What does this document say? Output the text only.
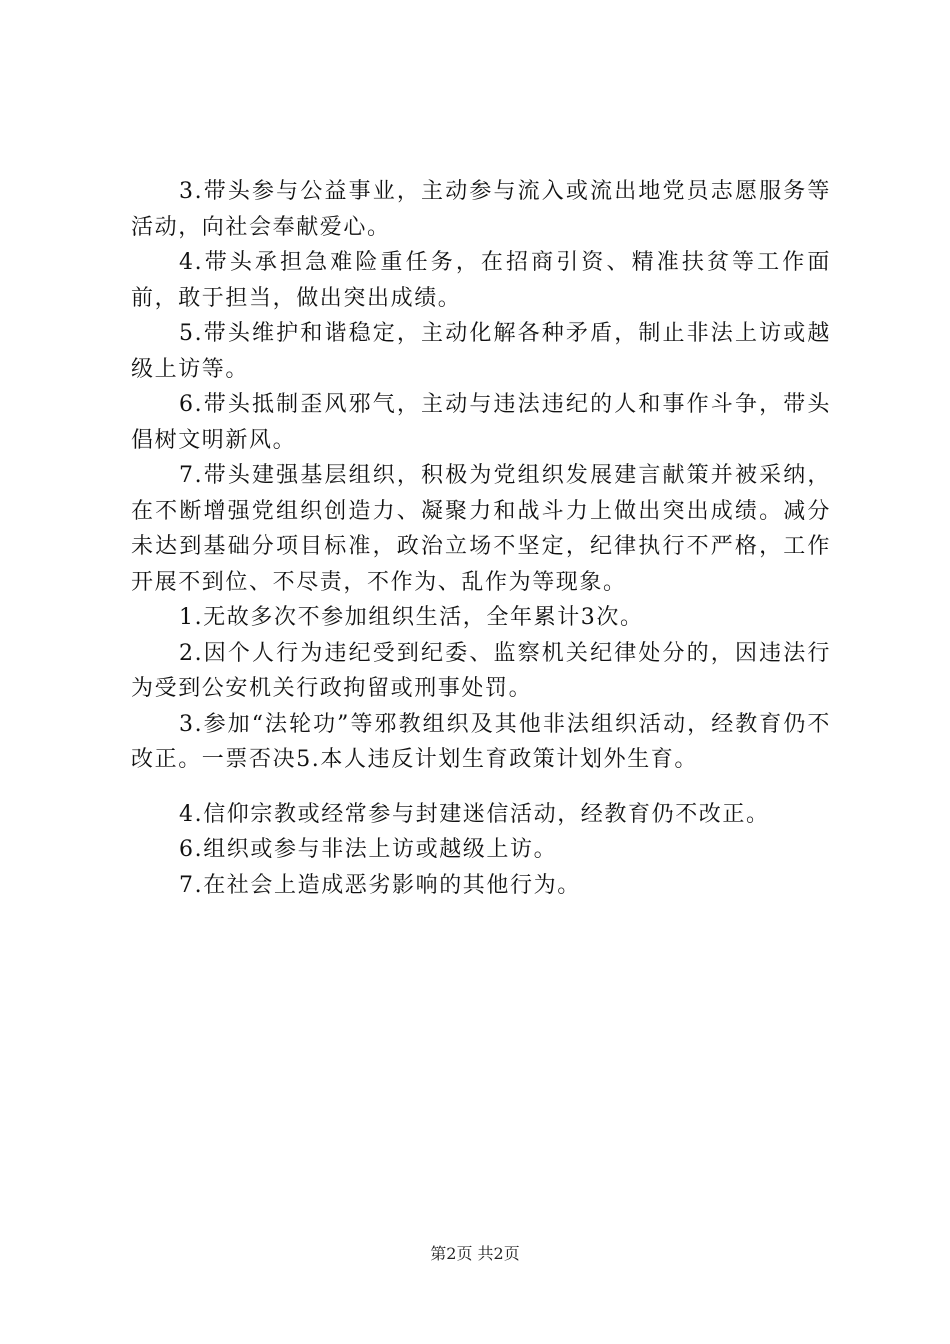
3.带头参与公益事业，主动参与流入或流出地党员志愿服务等活动，向社会奉献爱心。

4.带头承担急难险重任务，在招商引资、精准扶贫等工作面前，敢于担当，做出突出成绩。

5.带头维护和谐稳定，主动化解各种矛盾，制止非法上访或越级上访等。

6.带头抵制歪风邪气，主动与违法违纪的人和事作斗争，带头倡树文明新风。

7.带头建强基层组织，积极为党组织发展建言献策并被采纳，在不断增强党组织创造力、凝聚力和战斗力上做出突出成绩。减分未达到基础分项目标准，政治立场不坚定，纪律执行不严格，工作开展不到位、不尽责，不作为、乱作为等现象。

1.无故多次不参加组织生活，全年累计3次。

2.因个人行为违纪受到纪委、监察机关纪律处分的，因违法行为受到公安机关行政拘留或刑事处罚。

3.参加“法轮功”等邪教组织及其他非法组织活动，经教育仍不改正。一票否决5.本人违反计划生育政策计划外生育。

4.信仰宗教或经常参与封建迷信活动，经教育仍不改正。

6.组织或参与非法上访或越级上访。

7.在社会上造成恶劣影响的其他行为。

第2页 共2页
